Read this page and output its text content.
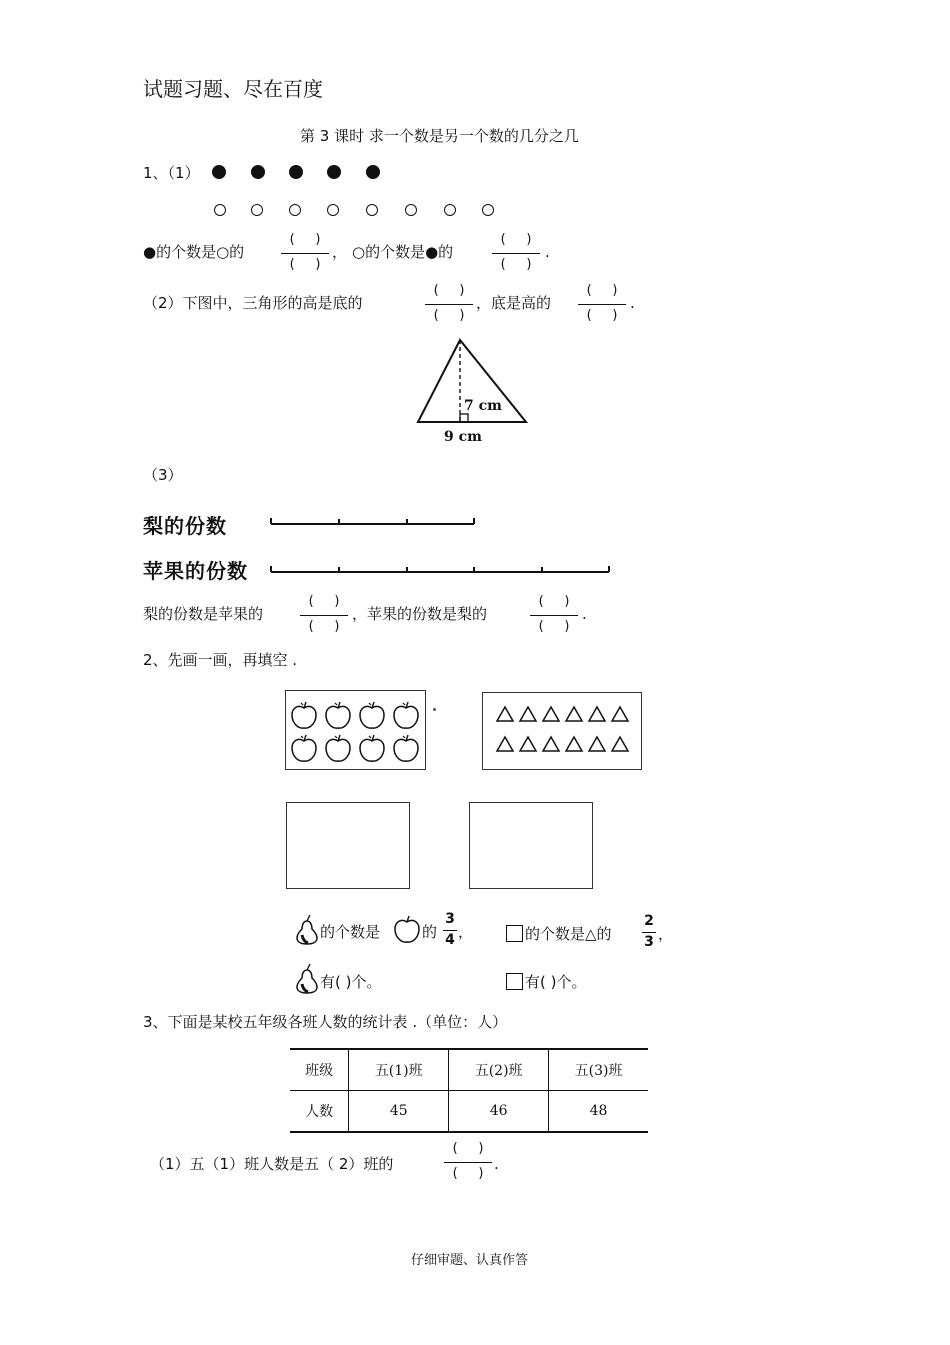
试题习题、尽在百度
第 3 课时 求一个数是另一个数的几分之几
1、（1）
●的个数是○的
(     )
(     )
， ○的个数是●的
(     )
(     )
.
（2）下图中，三角形的高是底的
(     )
(     )
，底是高的
(     )
(     )
.
7 cm
9 cm
（3）
梨的份数
苹果的份数
梨的份数是苹果的
(     )
(     )
，苹果的份数是梨的
(     )
(     )
.
2、先画一画，再填空 .
的个数是	的
3
4 ，	的个数是△的
2
3 ，
有( )个。	有( )个。
3、下面是某校五年级各班人数的统计表 .（单位：人）
班级	五(1)班	五(2)班	五(3)班
人数	45	46	48
（1）五（1）班人数是五（ 2）班的
(     )
(     )
.
仔细审题、认真作答
